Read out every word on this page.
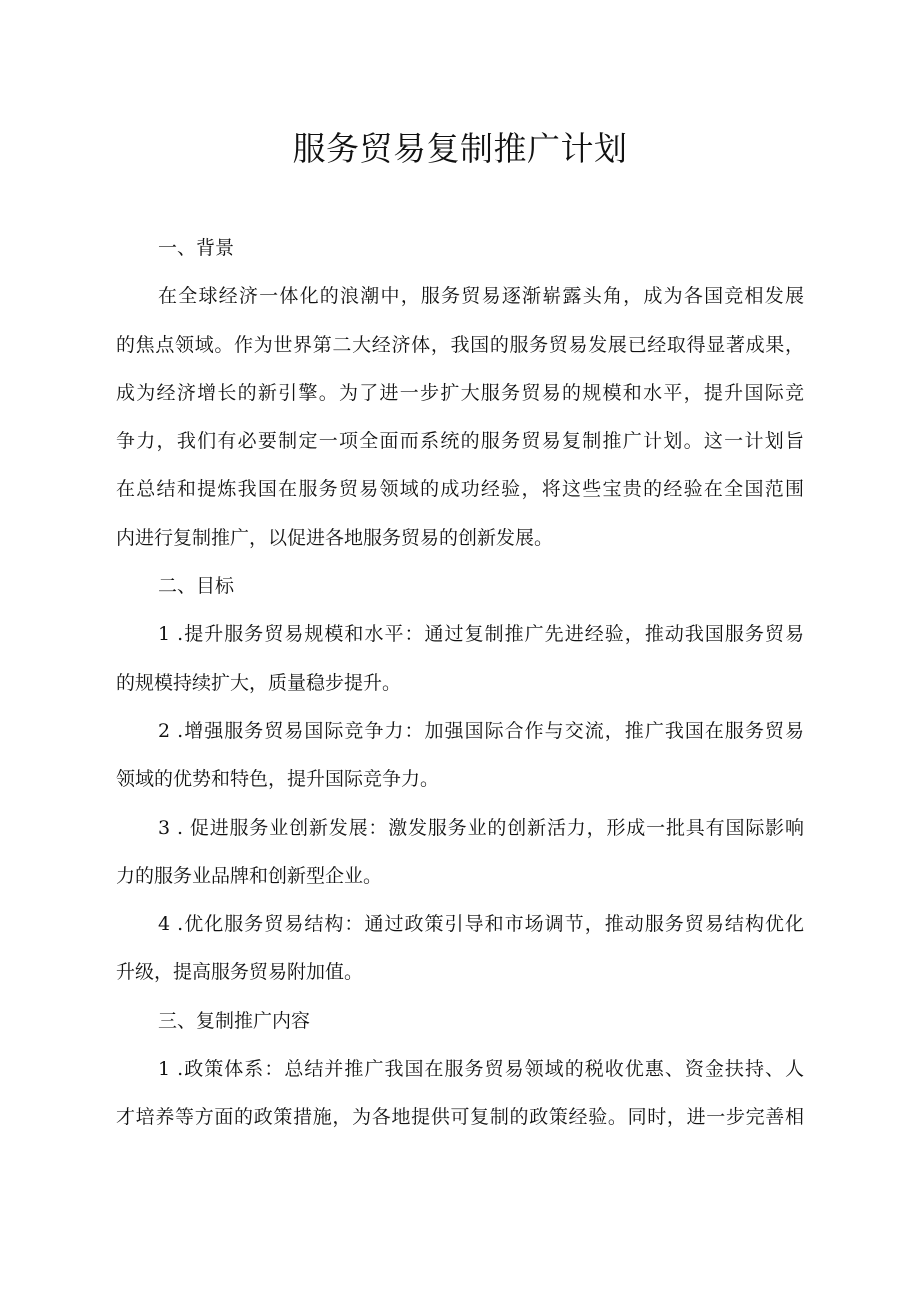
服务贸易复制推广计划
一、背景
在全球经济一体化的浪潮中，服务贸易逐渐崭露头角，成为各国竞相发展
的焦点领域。作为世界第二大经济体，我国的服务贸易发展已经取得显著成果，
成为经济增长的新引擎。为了进一步扩大服务贸易的规模和水平，提升国际竞
争力，我们有必要制定一项全面而系统的服务贸易复制推广计划。这一计划旨
在总结和提炼我国在服务贸易领域的成功经验，将这些宝贵的经验在全国范围
内进行复制推广，以促进各地服务贸易的创新发展。
二、目标
1 .提升服务贸易规模和水平：通过复制推广先进经验，推动我国服务贸易
的规模持续扩大，质量稳步提升。
2 .增强服务贸易国际竞争力：加强国际合作与交流，推广我国在服务贸易
领域的优势和特色，提升国际竞争力。
3 . 促进服务业创新发展：激发服务业的创新活力，形成一批具有国际影响
力的服务业品牌和创新型企业。
4 .优化服务贸易结构：通过政策引导和市场调节，推动服务贸易结构优化
升级，提高服务贸易附加值。
三、复制推广内容
1 .政策体系：总结并推广我国在服务贸易领域的税收优惠、资金扶持、人
才培养等方面的政策措施，为各地提供可复制的政策经验。同时，进一步完善相
